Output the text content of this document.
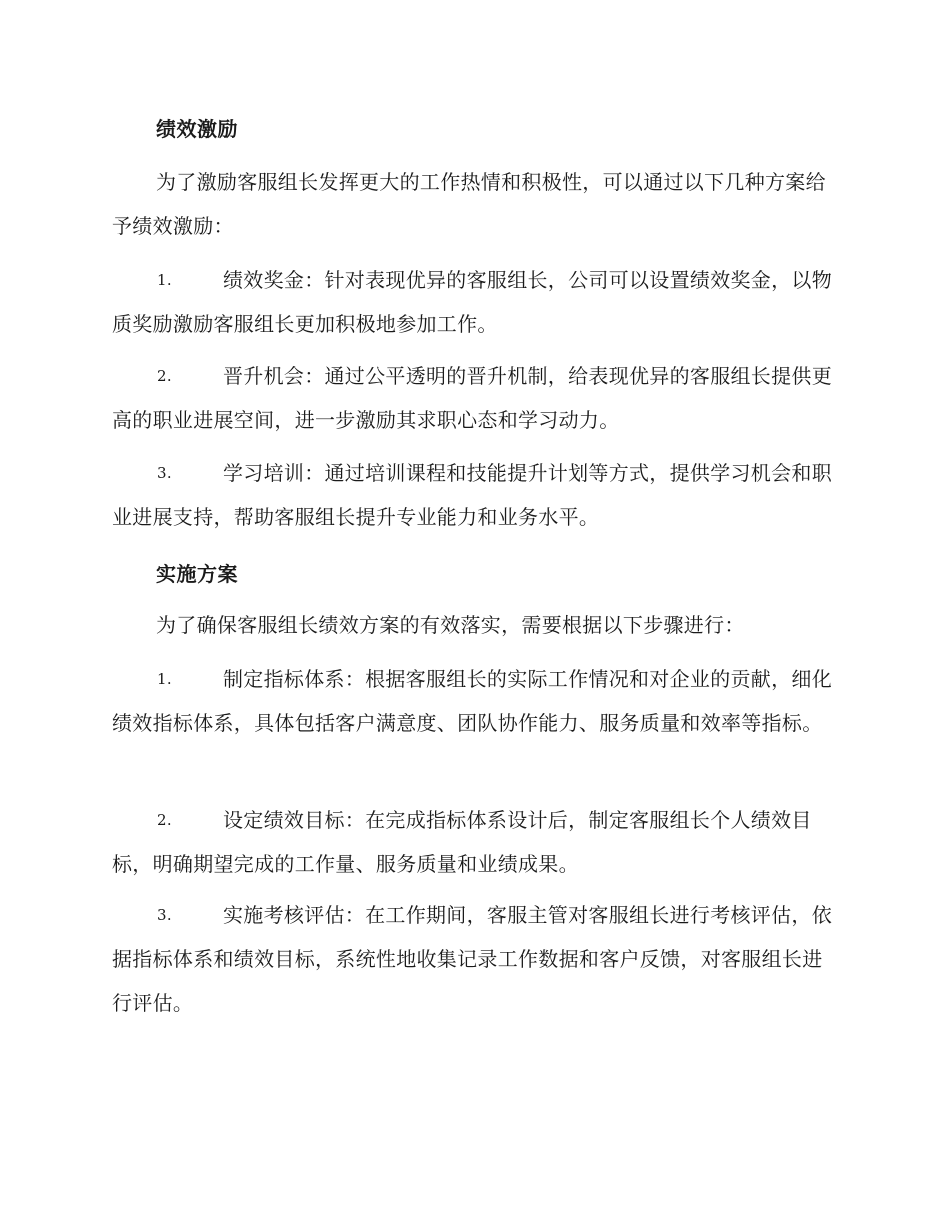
绩效激励
为了激励客服组长发挥更大的工作热情和积极性，可以通过以下几种方案给予绩效激励：
1.	绩效奖金：针对表现优异的客服组长，公司可以设置绩效奖金，以物质奖励激励客服组长更加积极地参加工作。
2.	晋升机会：通过公平透明的晋升机制，给表现优异的客服组长提供更高的职业进展空间，进一步激励其求职心态和学习动力。
3.	学习培训：通过培训课程和技能提升计划等方式，提供学习机会和职业进展支持，帮助客服组长提升专业能力和业务水平。
实施方案
为了确保客服组长绩效方案的有效落实，需要根据以下步骤进行：
1.	制定指标体系：根据客服组长的实际工作情况和对企业的贡献，细化绩效指标体系，具体包括客户满意度、团队协作能力、服务质量和效率等指标。
2.	设定绩效目标：在完成指标体系设计后，制定客服组长个人绩效目标，明确期望完成的工作量、服务质量和业绩成果。
3.	实施考核评估：在工作期间，客服主管对客服组长进行考核评估，依据指标体系和绩效目标，系统性地收集记录工作数据和客户反馈，对客服组长进行评估。
